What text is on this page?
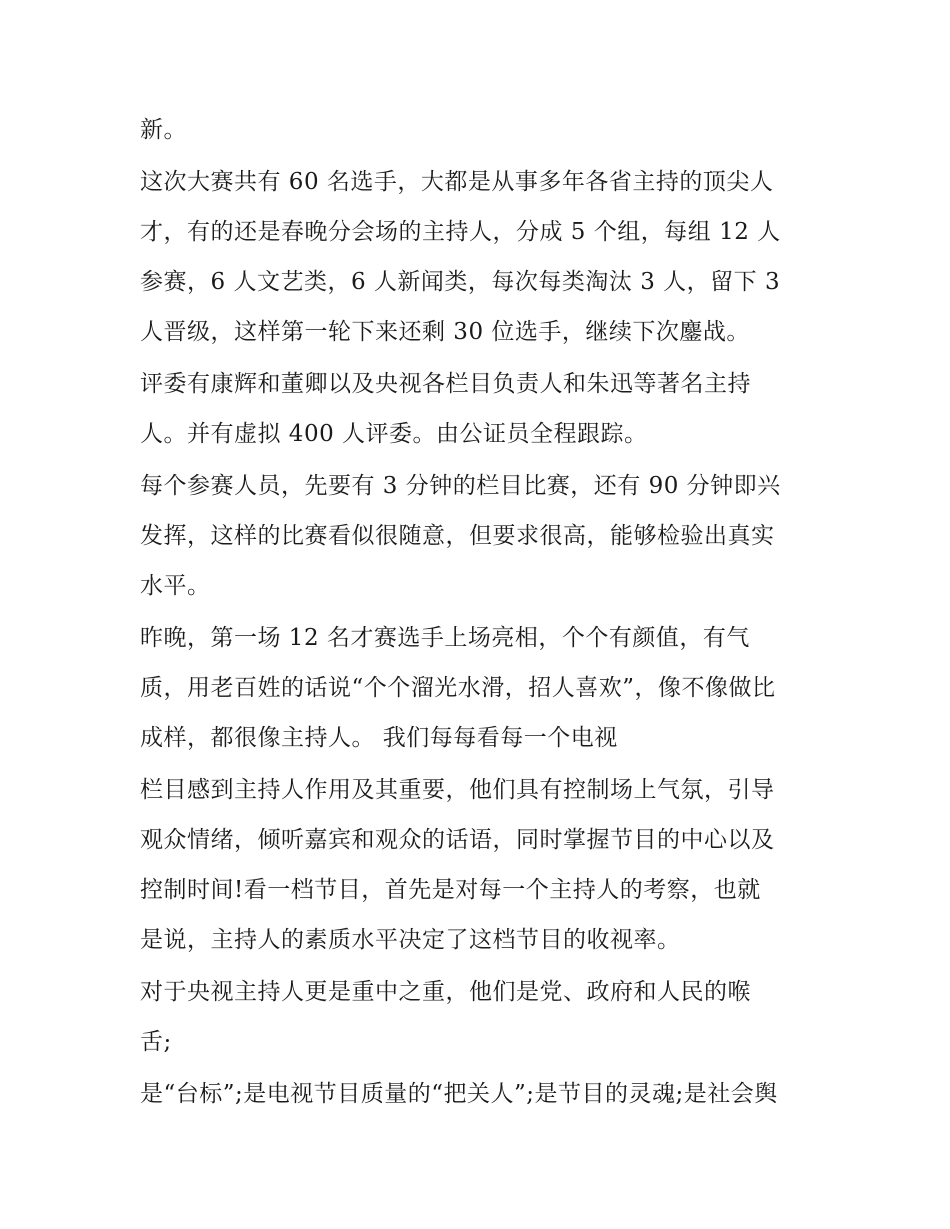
新。
这次大赛共有 60 名选手，大都是从事多年各省主持的顶尖人
才，有的还是春晚分会场的主持人，分成 5 个组，每组 12 人
参赛，6 人文艺类，6 人新闻类，每次每类淘汰 3 人，留下 3
人晋级，这样第一轮下来还剩 30 位选手，继续下次鏖战。
评委有康辉和董卿以及央视各栏目负责人和朱迅等著名主持
人。并有虚拟 400 人评委。由公证员全程跟踪。
每个参赛人员，先要有 3 分钟的栏目比赛，还有 90 分钟即兴
发挥，这样的比赛看似很随意，但要求很高，能够检验出真实
水平。
昨晚，第一场 12 名才赛选手上场亮相，个个有颜值，有气
质，用老百姓的话说“个个溜光水滑，招人喜欢”，像不像做比
成样，都很像主持人。 我们每每看每一个电视
栏目感到主持人作用及其重要，他们具有控制场上气氛，引导
观众情绪，倾听嘉宾和观众的话语，同时掌握节目的中心以及
控制时间!看一档节目，首先是对每一个主持人的考察，也就
是说，主持人的素质水平决定了这档节目的收视率。
对于央视主持人更是重中之重，他们是党、政府和人民的喉
舌;
是“台标”;是电视节目质量的“把关人”;是节目的灵魂;是社会舆
